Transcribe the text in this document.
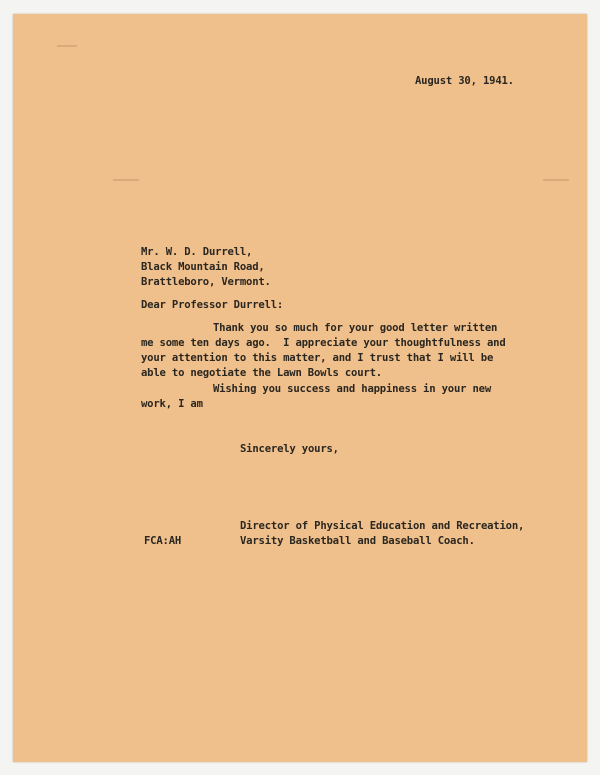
August 30, 1941.
Mr. W. D. Durrell,
Black Mountain Road,
Brattleboro, Vermont.
Dear Professor Durrell:
Thank you so much for your good letter written
me some ten days ago.  I appreciate your thoughtfulness and
your attention to this matter, and I trust that I will be
able to negotiate the Lawn Bowls court.
Wishing you success and happiness in your new
work, I am
Sincerely yours,
FCA:AH
Director of Physical Education and Recreation,
Varsity Basketball and Baseball Coach.
